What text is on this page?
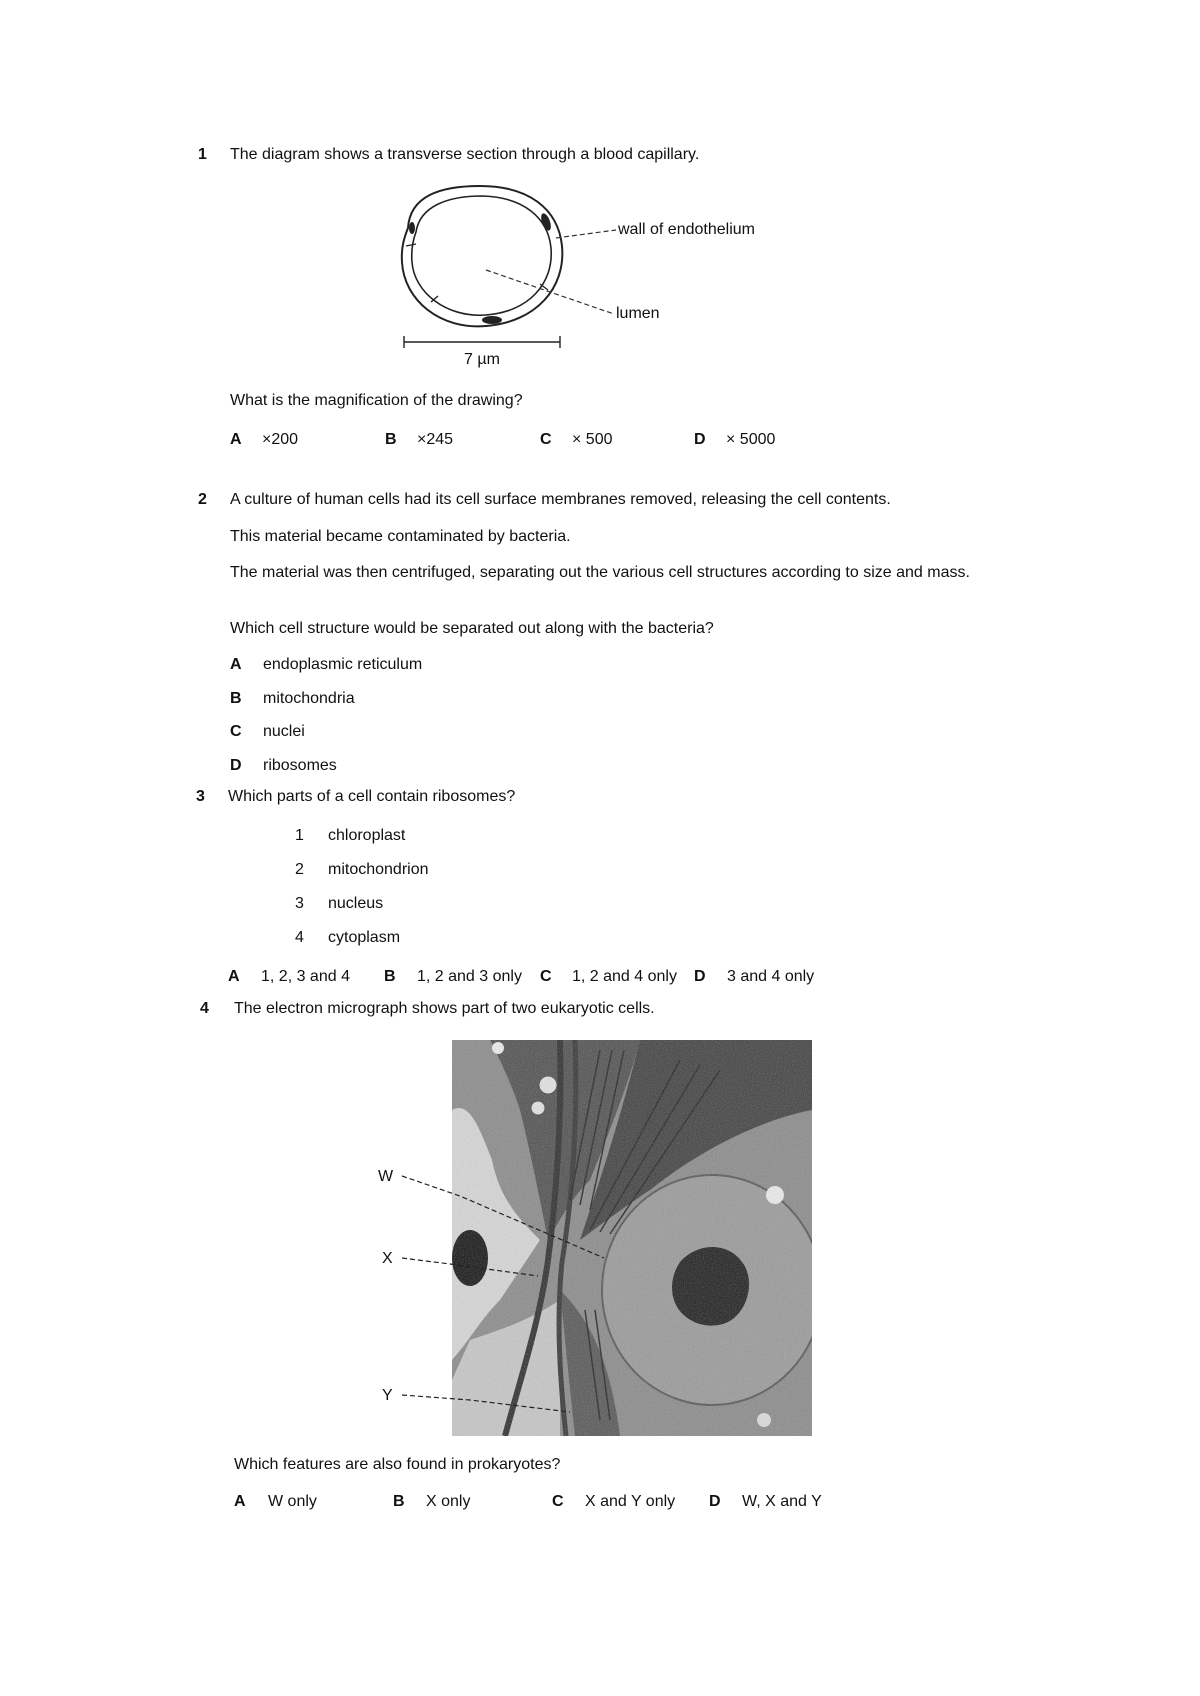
1 The diagram shows a transverse section through a blood capillary.
7 µm
wall of endothelium
lumen
What is the magnification of the drawing?
A ×200	B ×245	C × 500	D × 5000
2 A culture of human cells had its cell surface membranes removed, releasing the cell contents.
This material became contaminated by bacteria.
The material was then centrifuged, separating out the various cell structures according to size and mass.
Which cell structure would be separated out along with the bacteria?
A endoplasmic reticulum
B mitochondria
C nuclei
D ribosomes
3 Which parts of a cell contain ribosomes?
1 chloroplast
2 mitochondrion
3 nucleus
4 cytoplasm
A 1, 2, 3 and 4 B 1, 2 and 3 only C 1, 2 and 4 only D 3 and 4 only
4 The electron micrograph shows part of two eukaryotic cells.
W
X
Y
Which features are also found in prokaryotes?
A W only	B X only	C X and Y only D W, X and Y
